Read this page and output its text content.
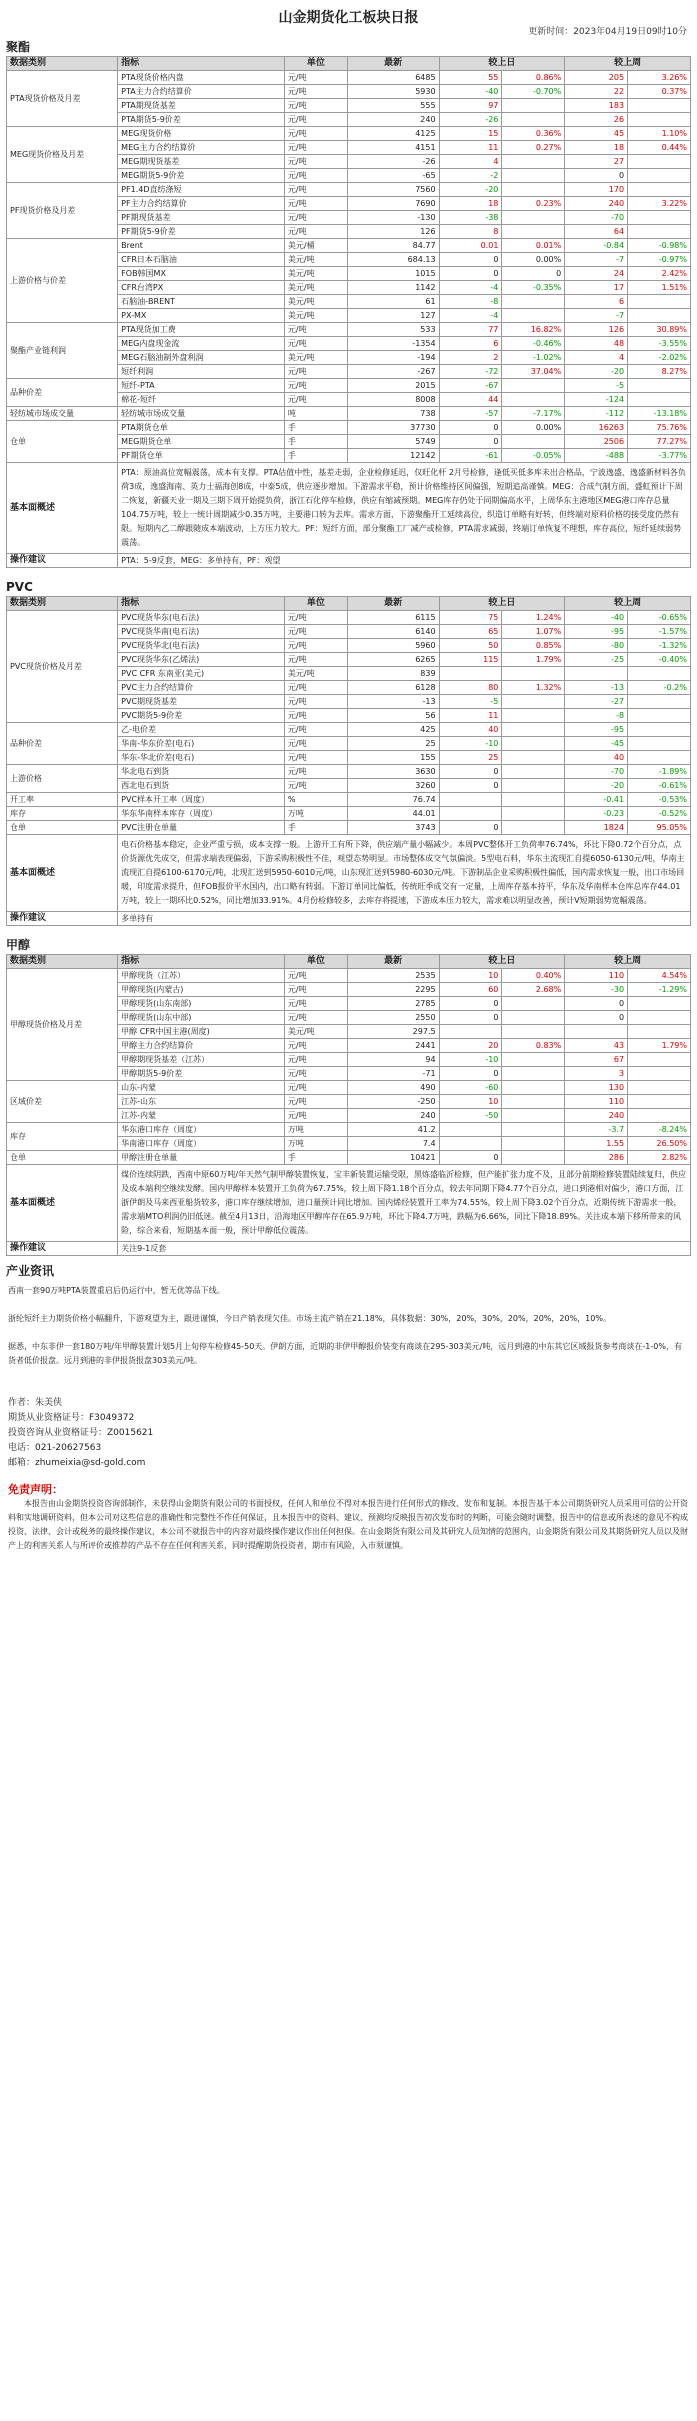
山金期货化工板块日报
更新时间：2023年04月19日09时10分
聚酯
数据类别	指标	单位	最新	较上日		较上周	
PTA现货价格及月差	PTA现货价格内盘	元/吨	6485	55	0.86%	205	3.26%
	PTA主力合约结算价	元/吨	5930	-40	-0.70%	22	0.37%
	PTA期现货基差	元/吨	555	97		183	
	PTA期货5-9价差	元/吨	240	-26		26	
MEG现货价格及月差	MEG现货价格	元/吨	4125	15	0.36%	45	1.10%
	MEG主力合约结算价	元/吨	4151	11	0.27%	18	0.44%
	MEG期现货基差	元/吨	-26	4		27	
	MEG期货5-9价差	元/吨	-65	-2		0	
PF现货价格及月差	PF1.4D直纺涤短	元/吨	7560	-20		170	
	PF主力合约结算价	元/吨	7690	18	0.23%	240	3.22%
	PF期现货基差	元/吨	-130	-38		-70	
	PF期货5-9价差	元/吨	126	8		64	
上游价格与价差	Brent	美元/桶	84.77	0.01	0.01%	-0.84	-0.98%
	CFR日本石脑油	美元/吨	684.13	0	0.00%	-7	-0.97%
	FOB韩国MX	美元/吨	1015	0	0	24	2.42%
	CFR台湾PX	美元/吨	1142	-4	-0.35%	17	1.51%
	石脑油-BRENT	美元/吨	61	-8		6	
	PX-MX	美元/吨	127	-4		-7	
聚酯产业链利润	PTA现货加工费	元/吨	533	77	16.82%	126	30.89%
	MEG内盘现金流	元/吨	-1354	6	-0.46%	48	-3.55%
	MEG石脑油制外盘利润	美元/吨	-194	2	-1.02%	4	-2.02%
	短纤利润	元/吨	-267	-72	37.04%	-20	8.27%
品种价差	短纤-PTA	元/吨	2015	-67		-5	
	棉花-短纤	元/吨	8008	44		-124	
轻纺城市场成交量	轻纺城市场成交量	吨	738	-57	-7.17%	-112	-13.18%
仓单	PTA期货仓单	手	37730	0	0.00%	16263	75.76%
	MEG期货仓单	手	5749	0		2506	77.27%
	PF期货仓单	手	12142	-61	-0.05%	-488	-3.77%
基本面概述	PTA：原油高位宽幅震荡，成本有支撑。PTA估值中性，基差走弱，企业检修延迟，仅旺化杆 2月号检修，逢低买低多库未出合格品，宁波逸盛、逸盛新材料各负荷3成，逸盛海南、英力士福海创8成，中泰5成，供应逐步增加。下游需求平稳，预计价格维持区间偏强，短期追高谨慎。MEG：合成气制方面，盛虹预计下周二恢复，新疆天业一期及三期下周开始提负荷，浙江石化停车检修，供应有缩减预期。MEG库存仍处于同期偏高水平，上周华东主港地区MEG港口库存总量104.75万吨，较上一统计周期减少0.35万吨，主要港口转为去库。需求方面，下游聚酯开工延续高位，织造订单略有好转，但终端对原料价格的接受度仍然有限。短期内乙二醇跟随成本端波动，上方压力较大。PF：短纤方面，部分聚酯工厂减产或检修，PTA需求减弱，终端订单恢复不理想，库存高位，短纤延续弱势震荡。						
操作建议	PTA：5-9反套，MEG：多单持有，PF：观望						
PVC
数据类别	指标	单位	最新	较上日		较上周	
PVC现货价格及月差	PVC现货华东(电石法)	元/吨	6115	75	1.24%	-40	-0.65%
	PVC现货华南(电石法)	元/吨	6140	65	1.07%	-95	-1.57%
	PVC现货华北(电石法)	元/吨	5960	50	0.85%	-80	-1.32%
	PVC现货华东(乙烯法)	元/吨	6265	115	1.79%	-25	-0.40%
	PVC CFR 东南亚(美元)	美元/吨	839				
	PVC主力合约结算价	元/吨	6128	80	1.32%	-13	-0.2%
	PVC期现货基差	元/吨	-13	-5		-27	
	PVC期货5-9价差	元/吨	56	11		-8	
品种价差	乙-电价差	元/吨	425	40		-95	
	华南-华东价差(电石)	元/吨	25	-10		-45	
	华东-华北价差(电石)	元/吨	155	25		40	
上游价格	华北电石到货	元/吨	3630	0		-70	-1.89%
	西北电石到货	元/吨	3260	0		-20	-0.61%
开工率	PVC样本开工率（周度）	%	76.74			-0.41	-0.53%
库存	华东华南样本库存（周度）	万吨	44.01			-0.23	-0.52%
仓单	PVC注册仓单量	手	3743	0		1824	95.05%
基本面概述	电石价格基本稳定，企业严重亏损，成本支撑一般。上游开工有所下降，供应端产量小幅减少。本周PVC整体开工负荷率76.74%，环比下降0.72个百分点，点价货源优先成交，但需求端表现偏弱，下游采购积极性不佳，观望态势明显。市场整体成交气氛偏淡。5型电石料，华东主流现汇自提6050-6130元/吨，华南主流现汇自提6100-6170元/吨，北现汇送到5950-6010元/吨，山东现汇送到5980-6030元/吨。下游制品企业采购积极性偏低，国内需求恢复一般，出口市场回暖，印度需求提升，但FOB报价平水国内，出口略有转弱。下游订单同比偏低，传统旺季成交有一定量，上周库存基本持平，华东及华南样本仓库总库存44.01万吨，较上一期环比0.52%，同比增加33.91%。4月份检修较多，去库存将提速，下游成本压力较大，需求难以明显改善，预计V短期弱势宽幅震荡。						
操作建议	多单持有						
甲醇
数据类别	指标	单位	最新	较上日		较上周	
甲醇现货价格及月差	甲醇现货（江苏）	元/吨	2535	10	0.40%	110	4.54%
	甲醇现货(内蒙古)	元/吨	2295	60	2.68%	-30	-1.29%
	甲醇现货(山东南部)	元/吨	2785	0		0	
	甲醇现货(山东中部)	元/吨	2550	0		0	
	甲醇 CFR中国主港(周度)	美元/吨	297.5				
	甲醇主力合约结算价	元/吨	2441	20	0.83%	43	1.79%
	甲醇期现货基差（江苏）	元/吨	94	-10		67	
	甲醇期货5-9价差	元/吨	-71	0		3	
区域价差	山东-内蒙	元/吨	490	-60		130	
	江苏-山东	元/吨	-250	10		110	
	江苏-内蒙	元/吨	240	-50		240	
库存	华东港口库存（周度）	万吨	41.2			-3.7	-8.24%
	华南港口库存（周度）	万吨	7.4			1.55	26.50%
仓单	甲醇注册仓单量	手	10421	0		286	2.82%
基本面概述	煤价连续阴跌，西南中原60万吨/年天然气制甲醇装置恢复，宝丰新装置运输受限，黑炼盛临沂检修，但产能扩张力度不及，且部分前期检修装置陆续复归，供应及成本端利空继续发酵。国内甲醇样本装置开工负荷为67.75%，较上周下降1.18个百分点，较去年同期下降4.77个百分点，进口到港相对偏少，港口方面，江浙伊朗及马来西亚船货较多，港口库存继续增加，进口量预计同比增加。国内烯烃装置开工率为74.55%，较上周下降3.02个百分点，近期传统下游需求一般，需求端MTO利润仍旧低迷。截至4月13日，沿海地区甲醇库存在65.9万吨，环比下降4.7万吨，跌幅为6.66%，同比下降18.89%。关注成本端下移所带来的风险，综合来看，短期基本面一般，预计甲醇低位震荡。						
操作建议	关注9-1反套						
产业资讯

西南一套90万吨PTA装置重启后仍运行中，暂无优等品下线。

浙纶短纤主力期货价格小幅翻升，下游观望为主，跟进谨慎，今日产销表现欠佳。市场主流产销在21.18%，具体数据：30%，20%，30%，20%，20%，20%，10%。

据悉，中东非伊一套180万吨/年甲醇装置计划5月上旬停车检修45-50天。伊朗方面，近期的非伊甲醇报价装变有商谈在295-303美元/吨，远月到港的中东其它区域报货参考商谈在-1-0%，有货者低价报盘。远月到港的非伊报货报盘303美元/吨。

作者：朱美侠
期货从业资格证号：F3049372
投资咨询从业资格证号：Z0015621
电话：021-20627563
邮箱：zhumeixia@sd-gold.com
免责声明：
本报告由山金期货投资咨询部制作，未获得山金期货有限公司的书面授权，任何人和单位不得对本报告进行任何形式的修改、发布和复制。本报告基于本公司期货研究人员采用可信的公开资料和实地调研资料，但本公司对这些信息的准确性和完整性不作任何保证，且本报告中的资料、建议、预测均反映报告初次发布时的判断，可能会随时调整，报告中的信息或所表述的意见不构成投资、法律、会计或税务的最终操作建议，本公司不就报告中的内容对最终操作建议作出任何担保。在山金期货有限公司及其研究人员知情的范围内，山金期货有限公司及其期货研究人员以及财产上的利害关系人与所评价或推荐的产品不存在任何利害关系，同时提醒期货投资者，期市有风险，入市须谨慎。
